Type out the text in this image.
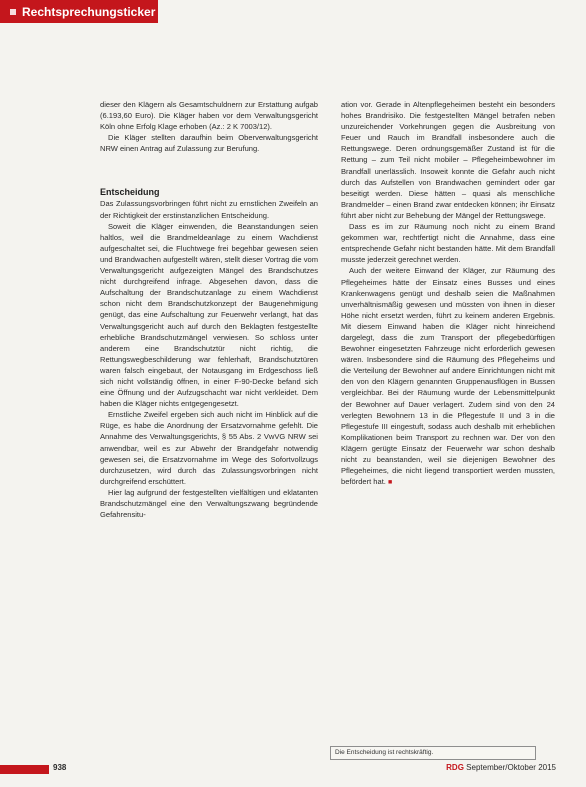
Rechtsprechungsticker

dieser den Klägern als Gesamtschuldnern zur Erstattung aufgab (6.193,60 Euro). Die Kläger haben vor dem Verwaltungsgericht Köln ohne Erfolg Klage erhoben (Az.: 2 K 7003/12).

Die Kläger stellten daraufhin beim Oberverwaltungsgericht NRW einen Antrag auf Zulassung zur Berufung.

Entscheidung

Das Zulassungsvorbringen führt nicht zu ernstlichen Zweifeln an der Richtigkeit der erstinstanzlichen Entscheidung.

Soweit die Kläger einwenden, die Beanstandungen seien haltlos, weil die Brandmeldeanlage zu einem Wachdienst aufgeschaltet sei, die Fluchtwege frei begehbar gewesen seien und Brandwachen aufgestellt wären, stellt dieser Vortrag die vom Verwaltungsgericht aufgezeigten Mängel des Brandschutzes nicht durchgreifend infrage. Abgesehen davon, dass die Aufschaltung der Brandschutzanlage zu einem Wachdienst schon nicht dem Brandschutzkonzept der Baugenehmigung genügt, das eine Aufschaltung zur Feuerwehr verlangt, hat das Verwaltungsgericht auch auf durch den Beklagten festgestellte erhebliche Brandschutzmängel verwiesen. So schloss unter anderem eine Brandschutztür nicht richtig, die Rettungswegbeschilderung war fehlerhaft, Brandschutztüren waren falsch eingebaut, der Notausgang im Erdgeschoss ließ sich nicht vollständig öffnen, in einer F-90-Decke befand sich eine Öffnung und der Aufzugschacht war nicht verkleidet. Dem haben die Kläger nichts entgegengesetzt.

Ernstliche Zweifel ergeben sich auch nicht im Hinblick auf die Rüge, es habe die Anordnung der Ersatzvornahme gefehlt. Die Annahme des Verwaltungsgerichts, § 55 Abs. 2 VwVG NRW sei anwendbar, weil es zur Abwehr der Brandgefahr notwendig gewesen sei, die Ersatzvornahme im Wege des Sofortvollzugs durchzusetzen, wird durch das Zulassungsvorbringen nicht durchgreifend erschüttert.

Hier lag aufgrund der festgestellten vielfältigen und eklatanten Brandschutzmängel eine den Verwaltungszwang begründende Gefahrensitu-

ation vor. Gerade in Altenpflegeheimen besteht ein besonders hohes Brandrisiko. Die festgestellten Mängel betrafen neben unzureichender Vorkehrungen gegen die Ausbreitung von Feuer und Rauch im Brandfall insbesondere auch die Rettungswege. Deren ordnungsgemäßer Zustand ist für die Rettung – zum Teil nicht mobiler – Pflegeheimbewohner im Brandfall unerlässlich. Insoweit konnte die Gefahr auch nicht durch das Aufstellen von Brandwachen gemindert oder gar beseitigt werden. Diese hätten – quasi als menschliche Brandmelder – einen Brand zwar entdecken können; ihr Einsatz führt aber nicht zur Behebung der Mängel der Rettungswege.

Dass es im zur Räumung noch nicht zu einem Brand gekommen war, rechtfertigt nicht die Annahme, dass eine entsprechende Gefahr nicht bestanden hätte. Mit dem Brandfall musste jederzeit gerechnet werden.

Auch der weitere Einwand der Kläger, zur Räumung des Pflegeheimes hätte der Einsatz eines Busses und eines Krankenwagens genügt und deshalb seien die Maßnahmen unverhältnismäßig gewesen und müssten von ihnen in dieser Höhe nicht ersetzt werden, führt zu keinem anderen Ergebnis. Mit diesem Einwand haben die Kläger nicht hinreichend dargelegt, dass die zum Transport der pflegebedürftigen Bewohner eingesetzten Fahrzeuge nicht erforderlich gewesen wären. Insbesondere sind die Räumung des Pflegeheims und die Verteilung der Bewohner auf andere Einrichtungen nicht mit den von den Klägern genannten Gruppenausflügen in Bussen vergleichbar. Bei der Räumung wurde der Lebensmittelpunkt der Bewohner auf Dauer verlagert. Zudem sind von den 24 verlegten Bewohnern 13 in die Pflegestufe II und 3 in die Pflegestufe III eingestuft, sodass auch deshalb mit erheblichen Komplikationen beim Transport zu rechnen war. Der von den Klägern gerügte Einsatz der Feuerwehr war schon deshalb nicht zu beanstanden, weil sie diejenigen Bewohner des Pflegeheimes, die nicht liegend transportiert werden mussten, befördert hat. ■

Die Entscheidung ist rechtskräftig.
938	RDG September/Oktober 2015
